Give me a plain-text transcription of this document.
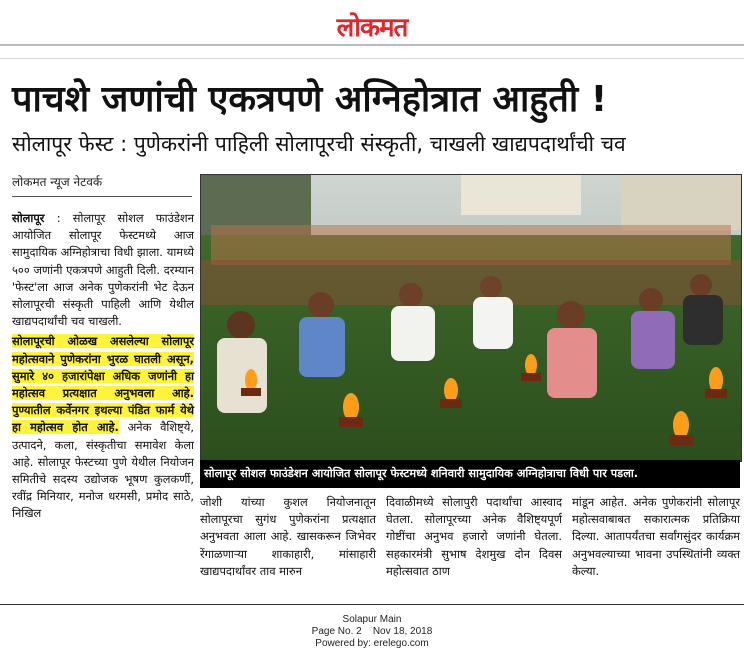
लोकमत
पाचशे जणांची एकत्रपणे अग्निहोत्रात आहुती !
सोलापूर फेस्ट : पुणेकरांनी पाहिली सोलापूरची संस्कृती, चाखली खाद्यपदार्थांची चव
लोकमत न्यूज नेटवर्क

सोलापूर : सोलापूर सोशल फाउंडेशन आयोजित सोलापूर फेस्टमध्ये आज सामुदायिक अग्निहोत्राचा विधी झाला. यामध्ये ५०० जणांनी एकत्रपणे आहुती दिली. दरम्यान 'फेस्ट'ला आज अनेक पुणेकरांनी भेट देऊन सोलापूरची संस्कृती पाहिली आणि येथील खाद्यपदार्थांची चव चाखली.

सोलापूरची ओळख असलेल्या सोलापूर महोत्सवाने पुणेकरांना भुरळ घातली असून, सुमारे ४० हजारांपेक्षा अधिक जणांनी हा महोत्सव प्रत्यक्षात अनुभवला आहे. पुण्यातील कर्वेनगर इथल्या पंडित फार्म येथे हा महोत्सव होत आहे. अनेक वैशिष्ट्ये, उत्पादने, कला, संस्कृतीचा समावेश केला आहे. सोलापूर फेस्टच्या पुणे येथील नियोजन समितीचे सदस्य उद्योजक भूषण कुलकर्णी, रवींद्र मिनियार, मनोज धरमसी, प्रमोद साठे, निखिल

सोलापूर सोशल फाउंडेशन आयोजित सोलापूर फेस्टमध्ये शनिवारी सामुदायिक अग्निहोत्राचा विधी पार पडला.

जोशी यांच्या कुशल नियोजनातून सोलापूरचा सुगंध पुणेकरांना प्रत्यक्षात अनुभवता आला आहे. खासकरून जिभेवर रेंगाळणाऱ्या शाकाहारी, मांसाहारी खाद्यपदार्थांवर ताव मारुन

दिवाळीमध्ये सोलापुरी पदार्थांचा आस्वाद घेतला. सोलापूरच्या अनेक वैशिष्ट्यपूर्ण गोष्टींचा अनुभव हजारो जणांनी घेतला. सहकारमंत्री सुभाष देशमुख दोन दिवस महोत्सवात ठाण

मांडून आहेत. अनेक पुणेकरांनी सोलापूर महोत्सवाबाबत सकारात्मक प्रतिक्रिया दिल्या. आतापर्यंतचा सर्वांगसुंदर कार्यक्रम अनुभवल्याच्या भावना उपस्थितांनी व्यक्त केल्या.

Solapur Main
Page No. 2    Nov 18, 2018
Powered by: erelego.com
